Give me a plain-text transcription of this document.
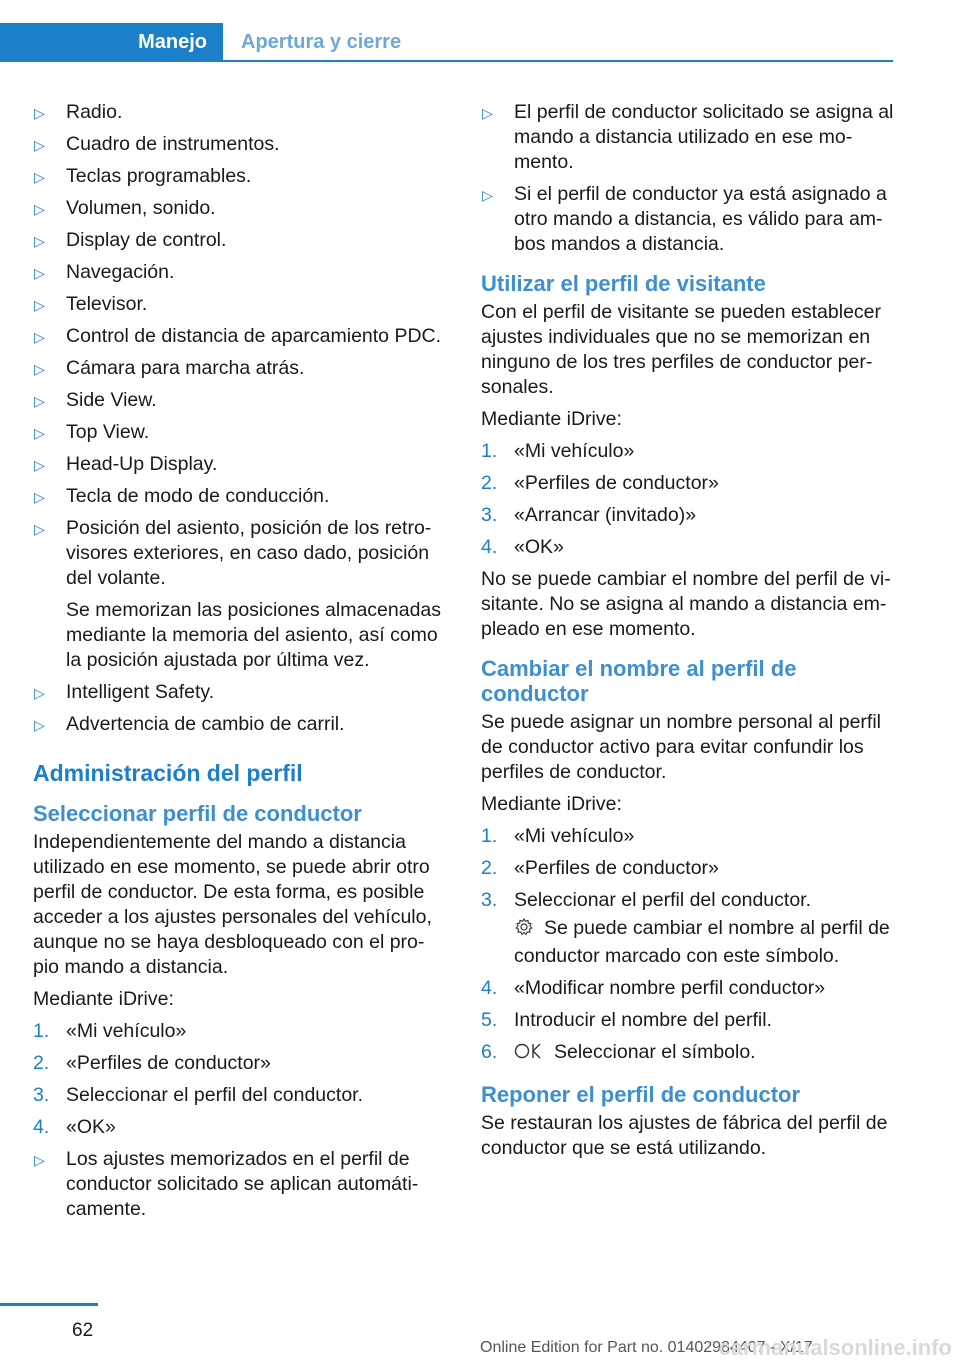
Manejo	Apertura y cierre
▷ Radio.
▷ Cuadro de instrumentos.
▷ Teclas programables.
▷ Volumen, sonido.
▷ Display de control.
▷ Navegación.
▷ Televisor.
▷ Control de distancia de aparcamiento PDC.
▷ Cámara para marcha atrás.
▷ Side View.
▷ Top View.
▷ Head-Up Display.
▷ Tecla de modo de conducción.
▷ Posición del asiento, posición de los retro-visores exteriores, en caso dado, posición del volante.
Se memorizan las posiciones almacenadas mediante la memoria del asiento, así como la posición ajustada por última vez.
▷ Intelligent Safety.
▷ Advertencia de cambio de carril.
Administración del perfil
Seleccionar perfil de conductor

Independientemente del mando a distancia utilizado en ese momento, se puede abrir otro perfil de conductor. De esta forma, es posible acceder a los ajustes personales del vehículo, aunque no se haya desbloqueado con el pro-pio mando a distancia.

Mediante iDrive:

1. «Mi vehículo»
2. «Perfiles de conductor»
3. Seleccionar el perfil del conductor.
4. «OK»
▷ Los ajustes memorizados en el perfil de conductor solicitado se aplican automáti-camente.
▷ El perfil de conductor solicitado se asigna al mando a distancia utilizado en ese mo-mento.
▷ Si el perfil de conductor ya está asignado a otro mando a distancia, es válido para am-bos mandos a distancia.
Utilizar el perfil de visitante

Con el perfil de visitante se pueden establecer ajustes individuales que no se memorizan en ninguno de los tres perfiles de conductor per-sonales.

Mediante iDrive:

1. «Mi vehículo»
2. «Perfiles de conductor»
3. «Arrancar (invitado)»
4. «OK»

No se puede cambiar el nombre del perfil de vi-sitante. No se asigna al mando a distancia em-pleado en ese momento.

Cambiar el nombre al perfil de conductor

Se puede asignar un nombre personal al perfil de conductor activo para evitar confundir los perfiles de conductor.

Mediante iDrive:

1. «Mi vehículo»
2. «Perfiles de conductor»
3. Seleccionar el perfil del conductor.
Se puede cambiar el nombre al perfil de conductor marcado con este símbolo.
4. «Modificar nombre perfil conductor»
5. Introducir el nombre del perfil.
6.	Seleccionar el símbolo.
Reponer el perfil de conductor

Se restauran los ajustes de fábrica del perfil de conductor que se está utilizando.

62
Online Edition for Part no. 01402984407 - X/17
carmanualsonline.info
